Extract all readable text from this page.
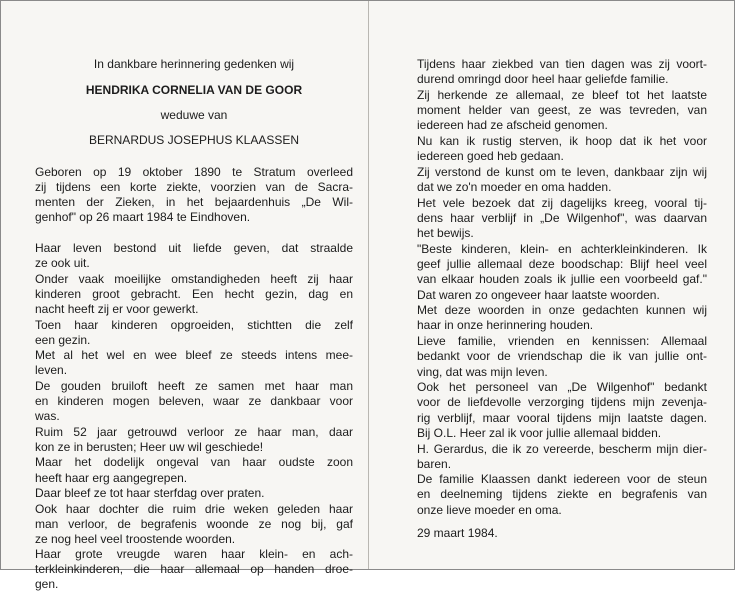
In dankbare herinnering gedenken wij
HENDRIKA CORNELIA VAN DE GOOR
weduwe van
BERNARDUS JOSEPHUS KLAASSEN
Geboren op 19 oktober 1890 te Stratum overleed
zij tijdens een korte ziekte, voorzien van de Sacra-
menten der Zieken, in het bejaardenhuis „De Wil-
genhof" op 26 maart 1984 te Eindhoven.
Haar leven bestond uit liefde geven, dat straalde
ze ook uit.
Onder vaak moeilijke omstandigheden heeft zij haar
kinderen groot gebracht. Een hecht gezin, dag en
nacht heeft zij er voor gewerkt.
Toen haar kinderen opgroeiden, stichtten die zelf
een gezin.
Met al het wel en wee bleef ze steeds intens mee-
leven.
De gouden bruiloft heeft ze samen met haar man
en kinderen mogen beleven, waar ze dankbaar voor
was.
Ruim 52 jaar getrouwd verloor ze haar man, daar
kon ze in berusten; Heer uw wil geschiede!
Maar het dodelijk ongeval van haar oudste zoon
heeft haar erg aangegrepen.
Daar bleef ze tot haar sterfdag over praten.
Ook haar dochter die ruim drie weken geleden haar
man verloor, de begrafenis woonde ze nog bij, gaf
ze nog heel veel troostende woorden.
Haar grote vreugde waren haar klein- en ach-
terkleinkinderen, die haar allemaal op handen droe-
gen.
Tijdens haar ziekbed van tien dagen was zij voort-
durend omringd door heel haar geliefde familie.
Zij herkende ze allemaal, ze bleef tot het laatste
moment helder van geest, ze was tevreden, van
iedereen had ze afscheid genomen.
Nu kan ik rustig sterven, ik hoop dat ik het voor
iedereen goed heb gedaan.
Zij verstond de kunst om te leven, dankbaar zijn wij
dat we zo'n moeder en oma hadden.
Het vele bezoek dat zij dagelijks kreeg, vooral tij-
dens haar verblijf in „De Wilgenhof", was daarvan
het bewijs.
"Beste kinderen, klein- en achterkleinkinderen. Ik
geef jullie allemaal deze boodschap: Blijf heel veel
van elkaar houden zoals ik jullie een voorbeeld gaf."
Dat waren zo ongeveer haar laatste woorden.
Met deze woorden in onze gedachten kunnen wij
haar in onze herinnering houden.
Lieve familie, vrienden en kennissen: Allemaal
bedankt voor de vriendschap die ik van jullie ont-
ving, dat was mijn leven.
Ook het personeel van „De Wilgenhof" bedankt
voor de liefdevolle verzorging tijdens mijn zevenja-
rig verblijf, maar vooral tijdens mijn laatste dagen.
Bij O.L. Heer zal ik voor jullie allemaal bidden.
H. Gerardus, die ik zo vereerde, bescherm mijn dier-
baren.
De familie Klaassen dankt iedereen voor de steun
en deelneming tijdens ziekte en begrafenis van
onze lieve moeder en oma.
29 maart 1984.
